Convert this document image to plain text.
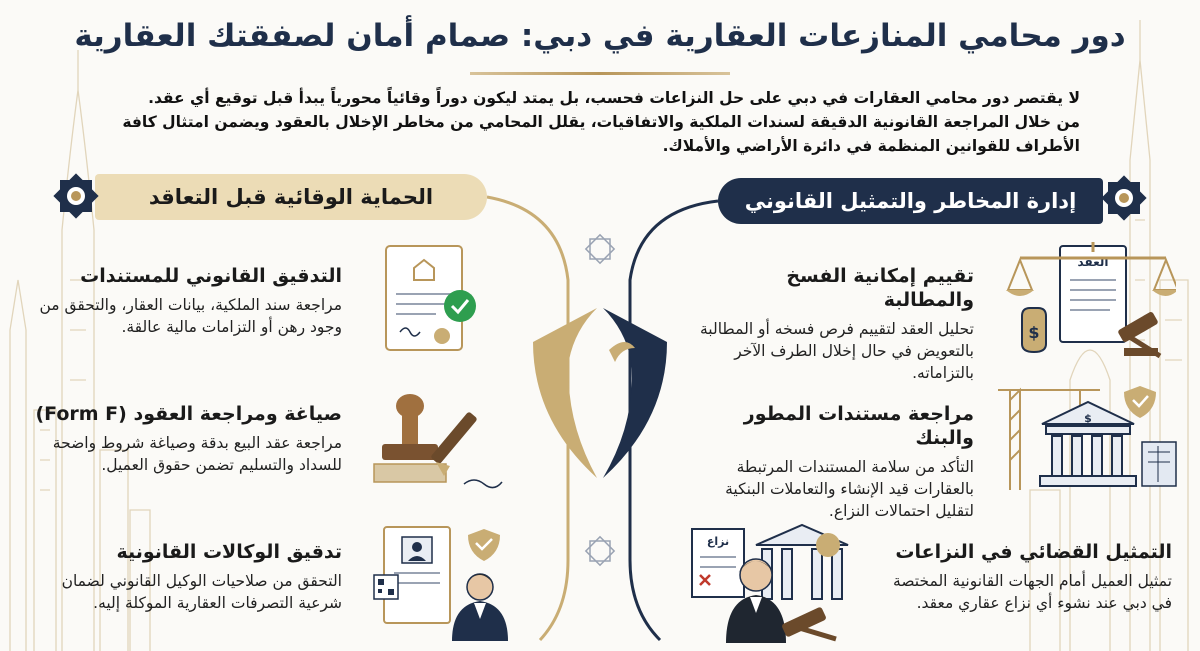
دور محامي المنازعات العقارية في دبي: صمام أمان لصفقتك العقارية

لا يقتصر دور محامي العقارات في دبي على حل النزاعات فحسب، بل يمتد ليكون دوراً وقائياً محورياً يبدأ قبل توقيع أي عقد. من خلال المراجعة القانونية الدقيقة لسندات الملكية والاتفاقيات، يقلل المحامي من مخاطر الإخلال بالعقود ويضمن امتثال كافة الأطراف للقوانين المنظمة في دائرة الأراضي والأملاك.

إدارة المخاطر والتمثيل القانوني
الحماية الوقائية قبل التعاقد
تقييم إمكانية الفسخ والمطالبة

تحليل العقد لتقييم فرص فسخه أو المطالبة بالتعويض في حال إخلال الطرف الآخر بالتزاماته.

مراجعة مستندات المطور والبنك

التأكد من سلامة المستندات المرتبطة بالعقارات قيد الإنشاء والتعاملات البنكية لتقليل احتمالات النزاع.

التمثيل القضائي في النزاعات

تمثيل العميل أمام الجهات القانونية المختصة في دبي عند نشوء أي نزاع عقاري معقد.

التدقيق القانوني للمستندات

مراجعة سند الملكية، بيانات العقار، والتحقق من وجود رهن أو التزامات مالية عالقة.

صياغة ومراجعة العقود (Form F)

مراجعة عقد البيع بدقة وصياغة شروط واضحة للسداد والتسليم تضمن حقوق العميل.

تدقيق الوكالات القانونية

التحقق من صلاحيات الوكيل القانوني لضمان شرعية التصرفات العقارية الموكلة إليه.

العقد
$
$
نزاع
